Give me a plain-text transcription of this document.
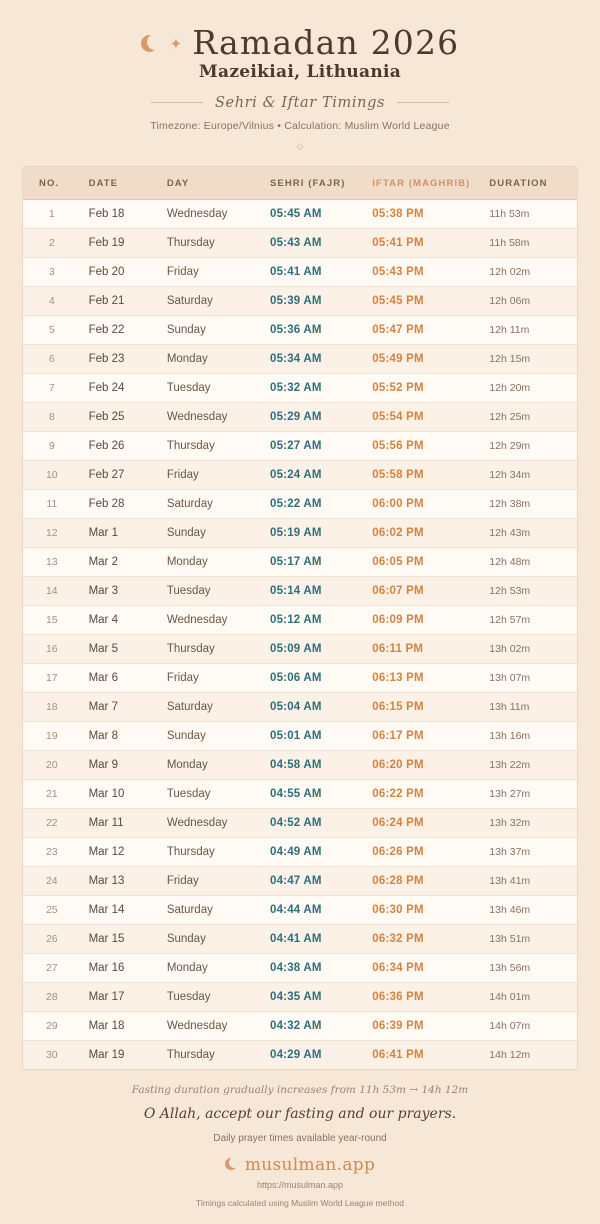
✦ Ramadan 2026
Mazeikiai, Lithuania
Sehri & Iftar Timings
Timezone: Europe/Vilnius • Calculation: Muslim World League
◇
NO.	DATE	DAY	SEHRI (FAJR)	IFTAR (MAGHRIB)	DURATION
1	Feb 18	Wednesday	05:45 AM	05:38 PM	11h 53m
2	Feb 19	Thursday	05:43 AM	05:41 PM	11h 58m
3	Feb 20	Friday	05:41 AM	05:43 PM	12h 02m
4	Feb 21	Saturday	05:39 AM	05:45 PM	12h 06m
5	Feb 22	Sunday	05:36 AM	05:47 PM	12h 11m
6	Feb 23	Monday	05:34 AM	05:49 PM	12h 15m
7	Feb 24	Tuesday	05:32 AM	05:52 PM	12h 20m
8	Feb 25	Wednesday	05:29 AM	05:54 PM	12h 25m
9	Feb 26	Thursday	05:27 AM	05:56 PM	12h 29m
10	Feb 27	Friday	05:24 AM	05:58 PM	12h 34m
11	Feb 28	Saturday	05:22 AM	06:00 PM	12h 38m
12	Mar 1	Sunday	05:19 AM	06:02 PM	12h 43m
13	Mar 2	Monday	05:17 AM	06:05 PM	12h 48m
14	Mar 3	Tuesday	05:14 AM	06:07 PM	12h 53m
15	Mar 4	Wednesday	05:12 AM	06:09 PM	12h 57m
16	Mar 5	Thursday	05:09 AM	06:11 PM	13h 02m
17	Mar 6	Friday	05:06 AM	06:13 PM	13h 07m
18	Mar 7	Saturday	05:04 AM	06:15 PM	13h 11m
19	Mar 8	Sunday	05:01 AM	06:17 PM	13h 16m
20	Mar 9	Monday	04:58 AM	06:20 PM	13h 22m
21	Mar 10	Tuesday	04:55 AM	06:22 PM	13h 27m
22	Mar 11	Wednesday	04:52 AM	06:24 PM	13h 32m
23	Mar 12	Thursday	04:49 AM	06:26 PM	13h 37m
24	Mar 13	Friday	04:47 AM	06:28 PM	13h 41m
25	Mar 14	Saturday	04:44 AM	06:30 PM	13h 46m
26	Mar 15	Sunday	04:41 AM	06:32 PM	13h 51m
27	Mar 16	Monday	04:38 AM	06:34 PM	13h 56m
28	Mar 17	Tuesday	04:35 AM	06:36 PM	14h 01m
29	Mar 18	Wednesday	04:32 AM	06:39 PM	14h 07m
30	Mar 19	Thursday	04:29 AM	06:41 PM	14h 12m
Fasting duration gradually increases from 11h 53m → 14h 12m
O Allah, accept our fasting and our prayers.
Daily prayer times available year-round
musulman.app
https://musulman.app
Timings calculated using Muslim World League method
